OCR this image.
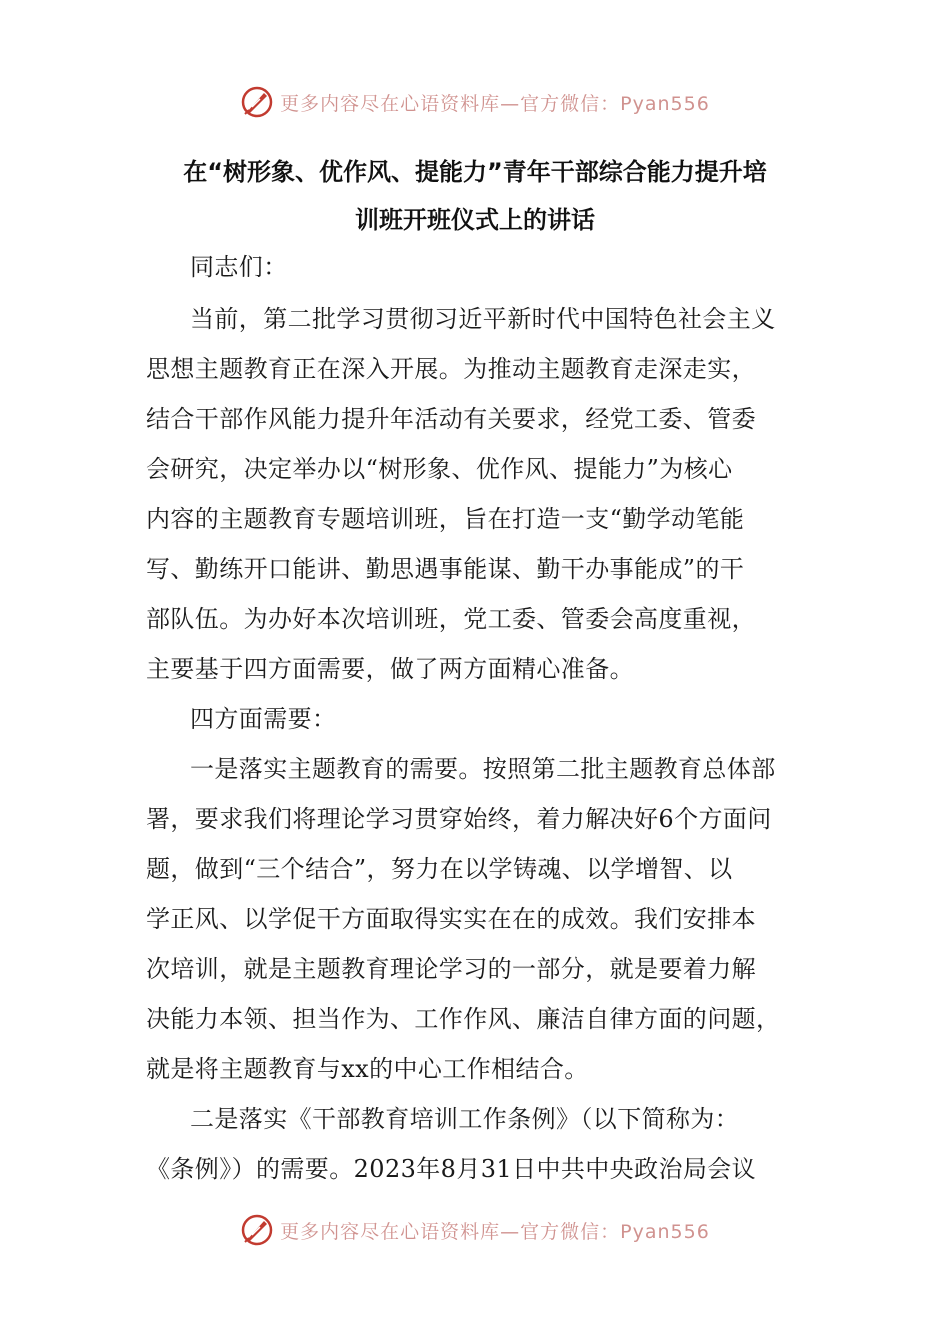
更多内容尽在心语资料库—官方微信：Pyan556
在“树形象、优作风、提能力”青年干部综合能力提升培
训班开班仪式上的讲话
同志们：
当前，第二批学习贯彻习近平新时代中国特色社会主义
思想主题教育正在深入开展。为推动主题教育走深走实，
结合干部作风能力提升年活动有关要求，经党工委、管委
会研究，决定举办以“树形象、优作风、提能力”为核心
内容的主题教育专题培训班，旨在打造一支“勤学动笔能
写、勤练开口能讲、勤思遇事能谋、勤干办事能成”的干
部队伍。为办好本次培训班，党工委、管委会高度重视，
主要基于四方面需要，做了两方面精心准备。
四方面需要：
一是落实主题教育的需要。按照第二批主题教育总体部
署，要求我们将理论学习贯穿始终，着力解决好6个方面问
题，做到“三个结合”，努力在以学铸魂、以学增智、以
学正风、以学促干方面取得实实在在的成效。我们安排本
次培训，就是主题教育理论学习的一部分，就是要着力解
决能力本领、担当作为、工作作风、廉洁自律方面的问题，
就是将主题教育与xx的中心工作相结合。
二是落实《干部教育培训工作条例》（以下简称为：
《条例》）的需要。2023年8月31日中共中央政治局会议
更多内容尽在心语资料库—官方微信：Pyan556
